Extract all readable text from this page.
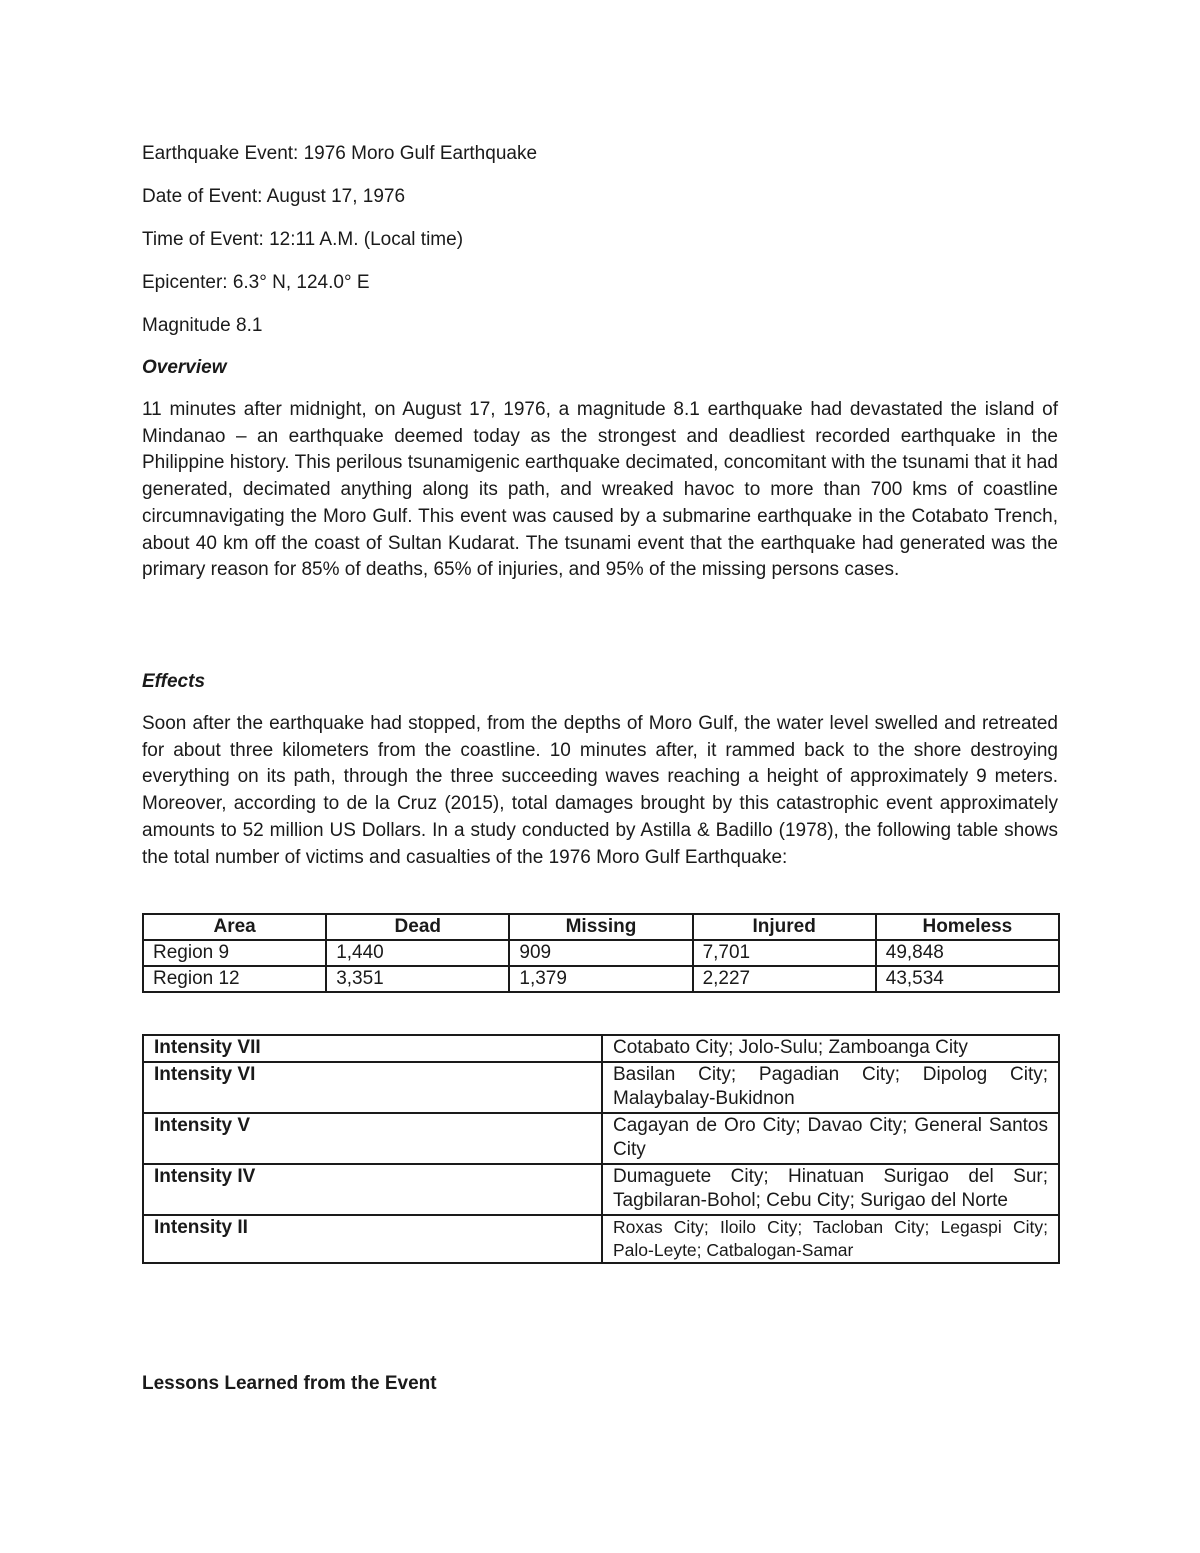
Earthquake Event: 1976 Moro Gulf Earthquake
Date of Event: August 17, 1976
Time of Event: 12:11 A.M. (Local time)
Epicenter: 6.3° N, 124.0° E
Magnitude 8.1
Overview

11 minutes after midnight, on August 17, 1976, a magnitude 8.1 earthquake had devastated the island of Mindanao – an earthquake deemed today as the strongest and deadliest recorded earthquake in the Philippine history. This perilous tsunamigenic earthquake decimated, concomitant with the tsunami that it had generated, decimated anything along its path, and wreaked havoc to more than 700 kms of coastline circumnavigating the Moro Gulf. This event was caused by a submarine earthquake in the Cotabato Trench, about 40 km off the coast of Sultan Kudarat. The tsunami event that the earthquake had generated was the primary reason for 85% of deaths, 65% of injuries, and 95% of the missing persons cases.

Effects

Soon after the earthquake had stopped, from the depths of Moro Gulf, the water level swelled and retreated for about three kilometers from the coastline. 10 minutes after, it rammed back to the shore destroying everything on its path, through the three succeeding waves reaching a height of approximately 9 meters. Moreover, according to de la Cruz (2015), total damages brought by this catastrophic event approximately amounts to 52 million US Dollars. In a study conducted by Astilla & Badillo (1978), the following table shows the total number of victims and casualties of the 1976 Moro Gulf Earthquake:

Area	Dead	Missing	Injured	Homeless
Region 9	1,440	909	7,701	49,848
Region 12	3,351	1,379	2,227	43,534
Intensity VII	Cotabato City; Jolo-Sulu; Zamboanga City
Intensity VI	Basilan City; Pagadian City; Dipolog City; Malaybalay-Bukidnon
Intensity V	Cagayan de Oro City; Davao City; General Santos City
Intensity IV	Dumaguete City; Hinatuan Surigao del Sur; Tagbilaran-Bohol; Cebu City; Surigao del Norte
Intensity II	Roxas City; Iloilo City; Tacloban City; Legaspi City; Palo-Leyte; Catbalogan-Samar
Lessons Learned from the Event
